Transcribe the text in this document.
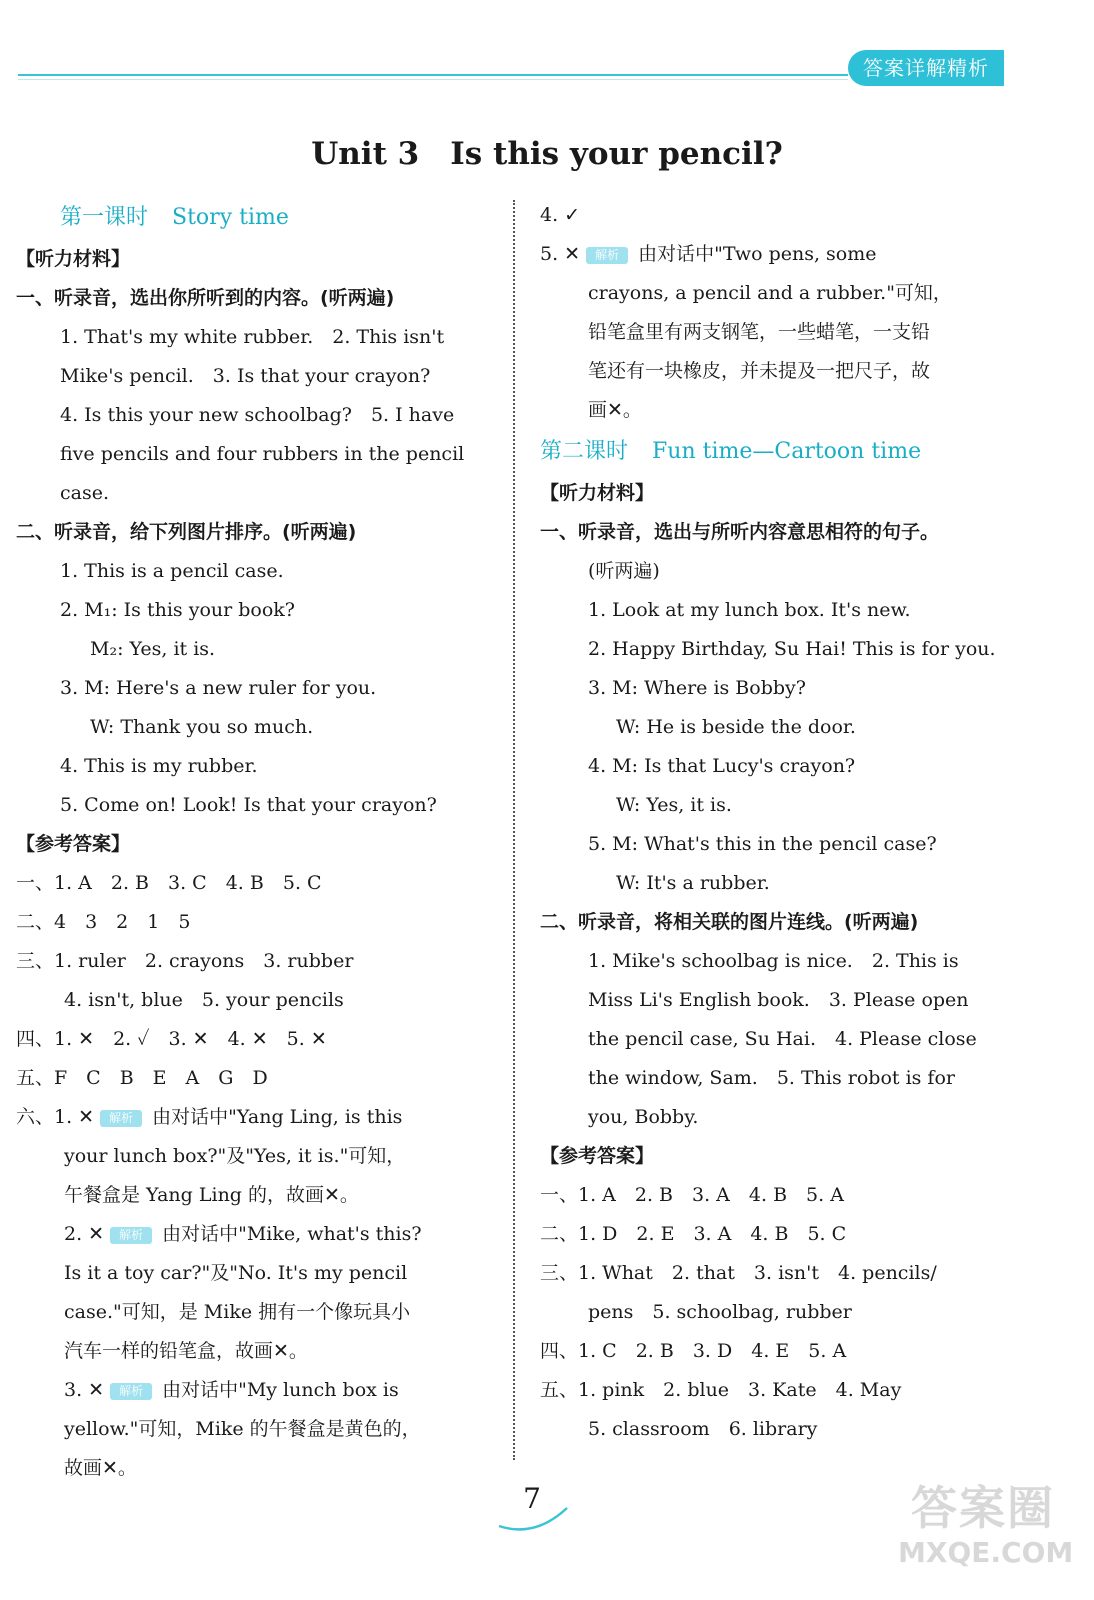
答案详解精析
Unit 3　Is this your pencil?
第一课时 Story time
【听力材料】
一、听录音，选出你所听到的内容。(听两遍)
1. That's my white rubber.　2. This isn't
Mike's pencil.　3. Is that your crayon?
4. Is this your new schoolbag?　5. I have
five pencils and four rubbers in the pencil
case.
二、听录音，给下列图片排序。(听两遍)
1. This is a pencil case.
2. M₁: Is this your book?
M₂: Yes, it is.
3. M: Here's a new ruler for you.
W: Thank you so much.
4. This is my rubber.
5. Come on! Look! Is that your crayon?
【参考答案】
一、1. A　2. B　3. C　4. B　5. C
二、4　3　2　1　5
三、1. ruler　2. crayons　3. rubber
4. isn't, blue　5. your pencils
四、1. ✕　2. ✓　3. ✕　4. ✕　5. ✕
五、F　C　B　E　A　G　D
六、1. ✕ 解析 由对话中"Yang Ling, is this
your lunch box?"及"Yes, it is."可知，
午餐盒是 Yang Ling 的，故画✕。
2. ✕ 解析 由对话中"Mike, what's this?
Is it a toy car?"及"No. It's my pencil
case."可知，是 Mike 拥有一个像玩具小
汽车一样的铅笔盒，故画✕。
3. ✕ 解析 由对话中"My lunch box is
yellow."可知，Mike 的午餐盒是黄色的，
故画✕。
4. ✓
5. ✕ 解析 由对话中"Two pens, some
crayons, a pencil and a rubber."可知，
铅笔盒里有两支钢笔，一些蜡笔，一支铅
笔还有一块橡皮，并未提及一把尺子，故
画✕。
第二课时 Fun time—Cartoon time
【听力材料】
一、听录音，选出与所听内容意思相符的句子。
(听两遍)
1. Look at my lunch box. It's new.
2. Happy Birthday, Su Hai! This is for you.
3. M: Where is Bobby?
W: He is beside the door.
4. M: Is that Lucy's crayon?
W: Yes, it is.
5. M: What's this in the pencil case?
W: It's a rubber.
二、听录音，将相关联的图片连线。(听两遍)
1. Mike's schoolbag is nice.　2. This is
Miss Li's English book.　3. Please open
the pencil case, Su Hai.　4. Please close
the window, Sam.　5. This robot is for
you, Bobby.
【参考答案】
一、1. A　2. B　3. A　4. B　5. A
二、1. D　2. E　3. A　4. B　5. C
三、1. What　2. that　3. isn't　4. pencils/
pens　5. schoolbag, rubber
四、1. C　2. B　3. D　4. E　5. A
五、1. pink　2. blue　3. Kate　4. May
5. classroom　6. library
7	答案圈
MXQE.COM
